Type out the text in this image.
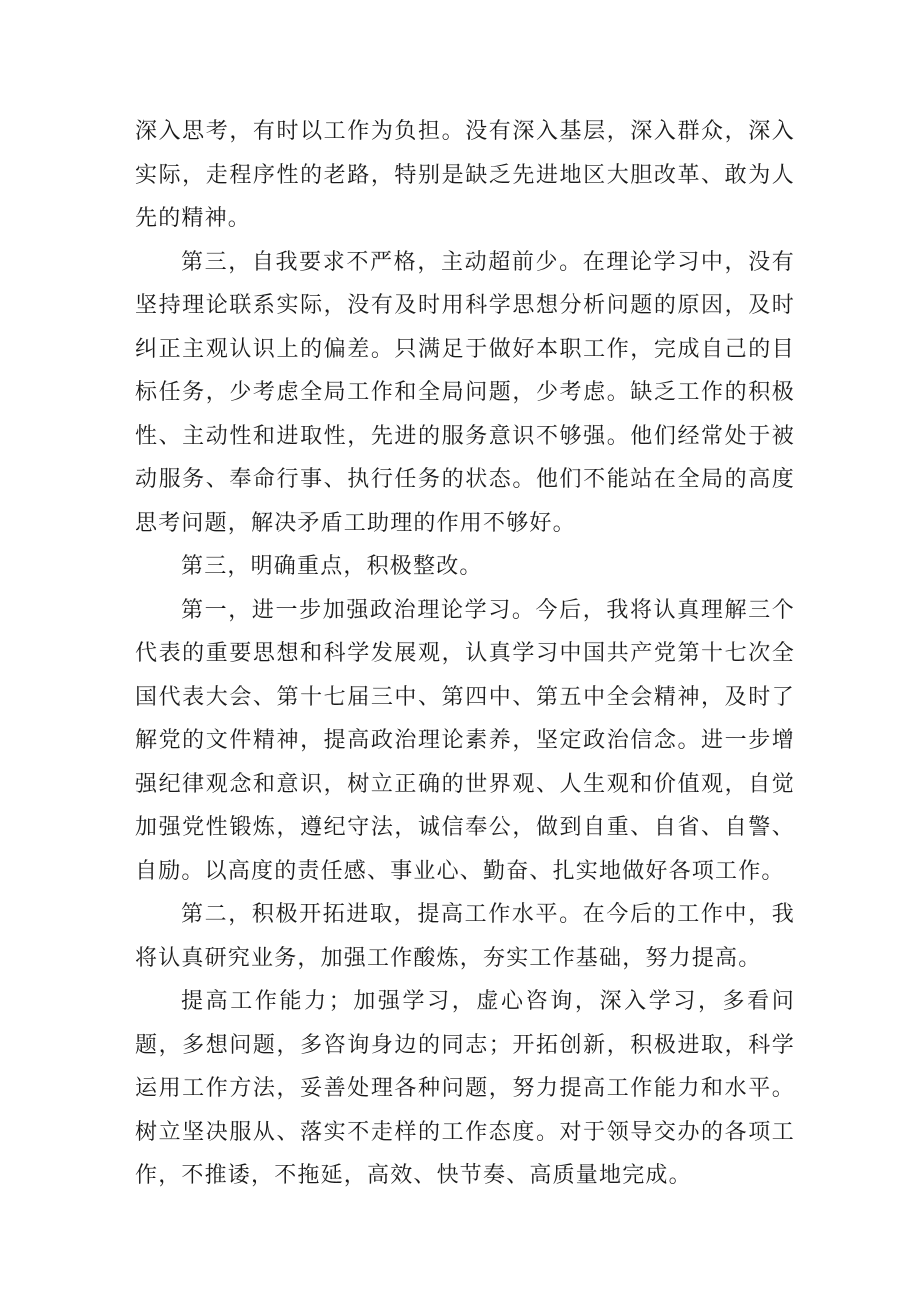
深入思考，有时以工作为负担。没有深入基层，深入群众，深入实际，走程序性的老路，特别是缺乏先进地区大胆改革、敢为人先的精神。

第三，自我要求不严格，主动超前少。在理论学习中，没有坚持理论联系实际，没有及时用科学思想分析问题的原因，及时纠正主观认识上的偏差。只满足于做好本职工作，完成自己的目标任务，少考虑全局工作和全局问题，少考虑。缺乏工作的积极性、主动性和进取性，先进的服务意识不够强。他们经常处于被动服务、奉命行事、执行任务的状态。他们不能站在全局的高度思考问题，解决矛盾工助理的作用不够好。

第三，明确重点，积极整改。

第一，进一步加强政治理论学习。今后，我将认真理解三个代表的重要思想和科学发展观，认真学习中国共产党第十七次全国代表大会、第十七届三中、第四中、第五中全会精神，及时了解党的文件精神，提高政治理论素养，坚定政治信念。进一步增强纪律观念和意识，树立正确的世界观、人生观和价值观，自觉加强党性锻炼，遵纪守法，诚信奉公，做到自重、自省、自警、自励。以高度的责任感、事业心、勤奋、扎实地做好各项工作。

第二，积极开拓进取，提高工作水平。在今后的工作中，我将认真研究业务，加强工作酸炼，夯实工作基础，努力提高。

提高工作能力；加强学习，虚心咨询，深入学习，多看问题，多想问题，多咨询身边的同志；开拓创新，积极进取，科学运用工作方法，妥善处理各种问题，努力提高工作能力和水平。树立坚决服从、落实不走样的工作态度。对于领导交办的各项工作，不推诿，不拖延，高效、快节奏、高质量地完成。
